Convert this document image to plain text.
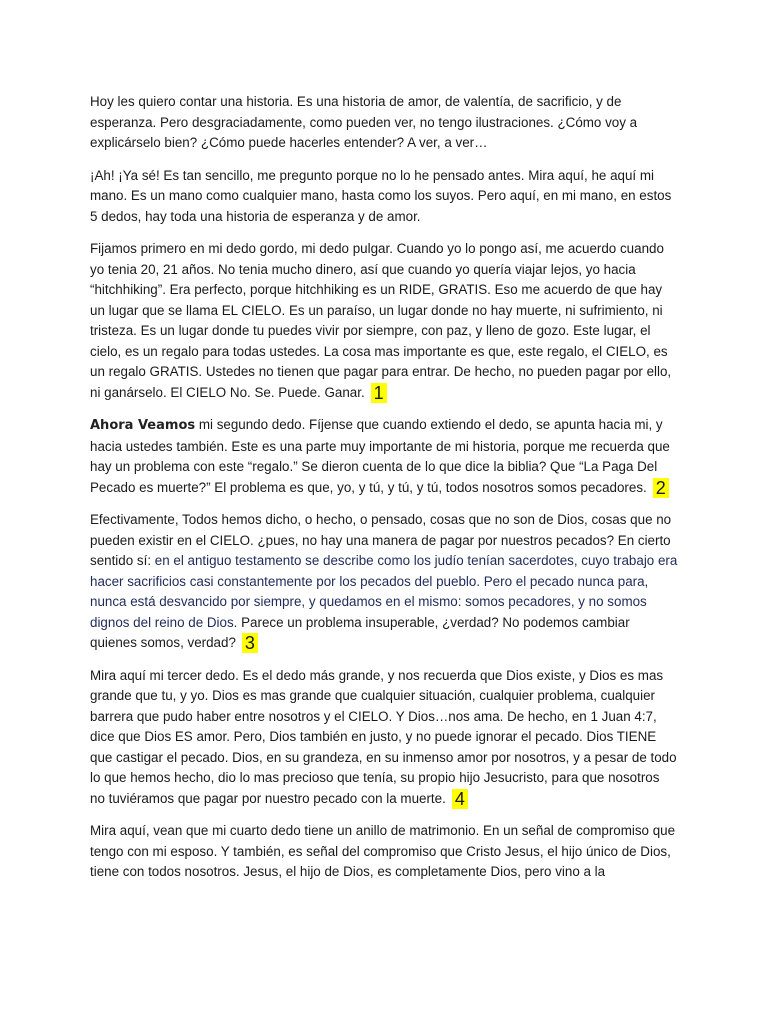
Hoy les quiero contar una historia. Es una historia de amor, de valentía, de sacrificio, y de esperanza. Pero desgraciadamente, como pueden ver, no tengo ilustraciones. ¿Cómo voy a explicárselo bien? ¿Cómo puede hacerles entender? A ver, a ver…

¡Ah! ¡Ya sé! Es tan sencillo, me pregunto porque no lo he pensado antes. Mira aquí, he aquí mi mano. Es un mano como cualquier mano, hasta como los suyos. Pero aquí, en mi mano, en estos 5 dedos, hay toda una historia de esperanza y de amor.

Fijamos primero en mi dedo gordo, mi dedo pulgar. Cuando yo lo pongo así, me acuerdo cuando yo tenia 20, 21 años. No tenia mucho dinero, así que cuando yo quería viajar lejos, yo hacia “hitchhiking”. Era perfecto, porque hitchhiking es un RIDE, GRATIS. Eso me acuerdo de que hay un lugar que se llama EL CIELO. Es un paraíso, un lugar donde no hay muerte, ni sufrimiento, ni tristeza. Es un lugar donde tu puedes vivir por siempre, con paz, y lleno de gozo. Este lugar, el cielo, es un regalo para todas ustedes. La cosa mas importante es que, este regalo, el CIELO, es un regalo GRATIS. Ustedes no tienen que pagar para entrar. De hecho, no pueden pagar por ello, ni ganárselo. El CIELO No. Se. Puede. Ganar. 1

Ahora Veamos mi segundo dedo. Fíjense que cuando extiendo el dedo, se apunta hacia mi, y hacia ustedes también. Este es una parte muy importante de mi historia, porque me recuerda que hay un problema con este “regalo.” Se dieron cuenta de lo que dice la biblia? Que “La Paga Del Pecado es muerte?” El problema es que, yo, y tú, y tú, y tú, todos nosotros somos pecadores. 2

Efectivamente, Todos hemos dicho, o hecho, o pensado, cosas que no son de Dios, cosas que no pueden existir en el CIELO. ¿pues, no hay una manera de pagar por nuestros pecados? En cierto sentido sí: en el antiguo testamento se describe como los judío tenían sacerdotes, cuyo trabajo era hacer sacrificios casi constantemente por los pecados del pueblo. Pero el pecado nunca para, nunca está desvancido por siempre, y quedamos en el mismo: somos pecadores, y no somos dignos del reino de Dios. Parece un problema insuperable, ¿verdad? No podemos cambiar quienes somos, verdad? 3

Mira aquí mi tercer dedo. Es el dedo más grande, y nos recuerda que Dios existe, y Dios es mas grande que tu, y yo. Dios es mas grande que cualquier situación, cualquier problema, cualquier barrera que pudo haber entre nosotros y el CIELO. Y Dios…nos ama. De hecho, en 1 Juan 4:7, dice que Dios ES amor. Pero, Dios también en justo, y no puede ignorar el pecado. Dios TIENE que castigar el pecado. Dios, en su grandeza, en su inmenso amor por nosotros, y a pesar de todo lo que hemos hecho, dio lo mas precioso que tenía, su propio hijo Jesucristo, para que nosotros no tuviéramos que pagar por nuestro pecado con la muerte. 4

Mira aquí, vean que mi cuarto dedo tiene un anillo de matrimonio. En un señal de compromiso que tengo con mi esposo. Y también, es señal del compromiso que Cristo Jesus, el hijo único de Dios, tiene con todos nosotros. Jesus, el hijo de Dios, es completamente Dios, pero vino a la
